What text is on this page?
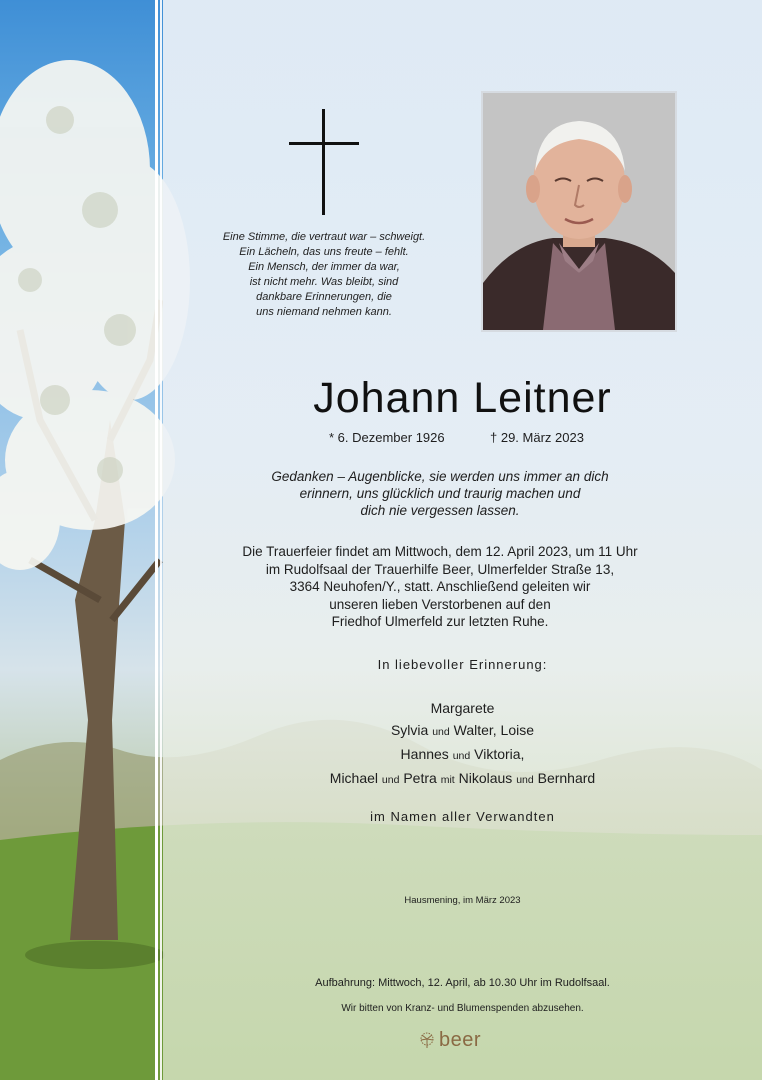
Eine Stimme, die vertraut war – schweigt.
Ein Lächeln, das uns freute – fehlt.
Ein Mensch, der immer da war,
ist nicht mehr. Was bleibt, sind
dankbare Erinnerungen, die
uns niemand nehmen kann.
Johann Leitner
* 6. Dezember 1926	† 29. März 2023
Gedanken – Augenblicke, sie werden uns immer an dich
erinnern, uns glücklich und traurig machen und
dich nie vergessen lassen.
Die Trauerfeier findet am Mittwoch, dem 12. April 2023, um 11 Uhr
im Rudolfsaal der Trauerhilfe Beer, Ulmerfelder Straße 13,
3364 Neuhofen/Y., statt. Anschließend geleiten wir
unseren lieben Verstorbenen auf den
Friedhof Ulmerfeld zur letzten Ruhe.
In liebevoller Erinnerung:
Margarete
Sylvia und Walter, Loise
Hannes und Viktoria,
Michael und Petra mit Nikolaus und Bernhard
im Namen aller Verwandten
Hausmening, im März 2023
Aufbahrung: Mittwoch, 12. April, ab 10.30 Uhr im Rudolfsaal.
Wir bitten von Kranz- und Blumenspenden abzusehen.
beer
